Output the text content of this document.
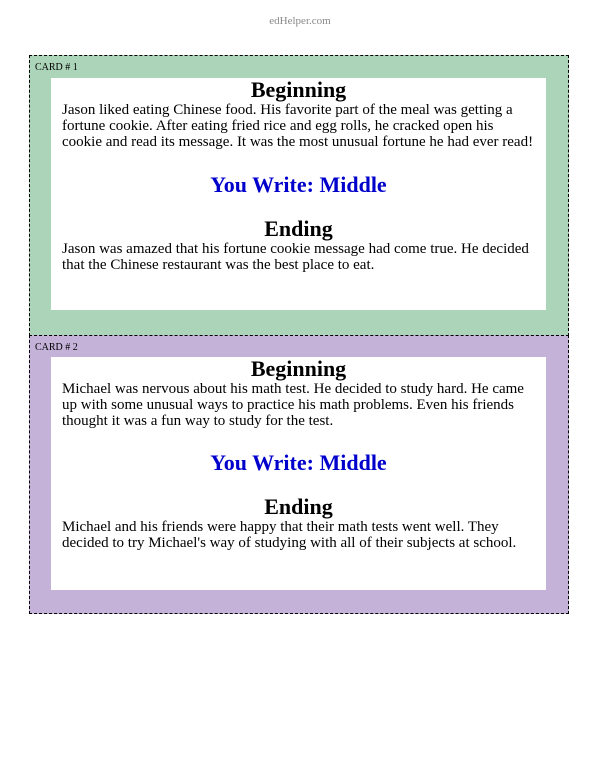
edHelper.com
CARD # 1
Beginning

Jason liked eating Chinese food. His favorite part of the meal was getting a fortune cookie. After eating fried rice and egg rolls, he cracked open his cookie and read its message. It was the most unusual fortune he had ever read!

You Write: Middle
Ending

Jason was amazed that his fortune cookie message had come true. He decided that the Chinese restaurant was the best place to eat.

CARD # 2
Beginning

Michael was nervous about his math test. He decided to study hard. He came up with some unusual ways to practice his math problems. Even his friends thought it was a fun way to study for the test.

You Write: Middle
Ending

Michael and his friends were happy that their math tests went well. They decided to try Michael's way of studying with all of their subjects at school.
